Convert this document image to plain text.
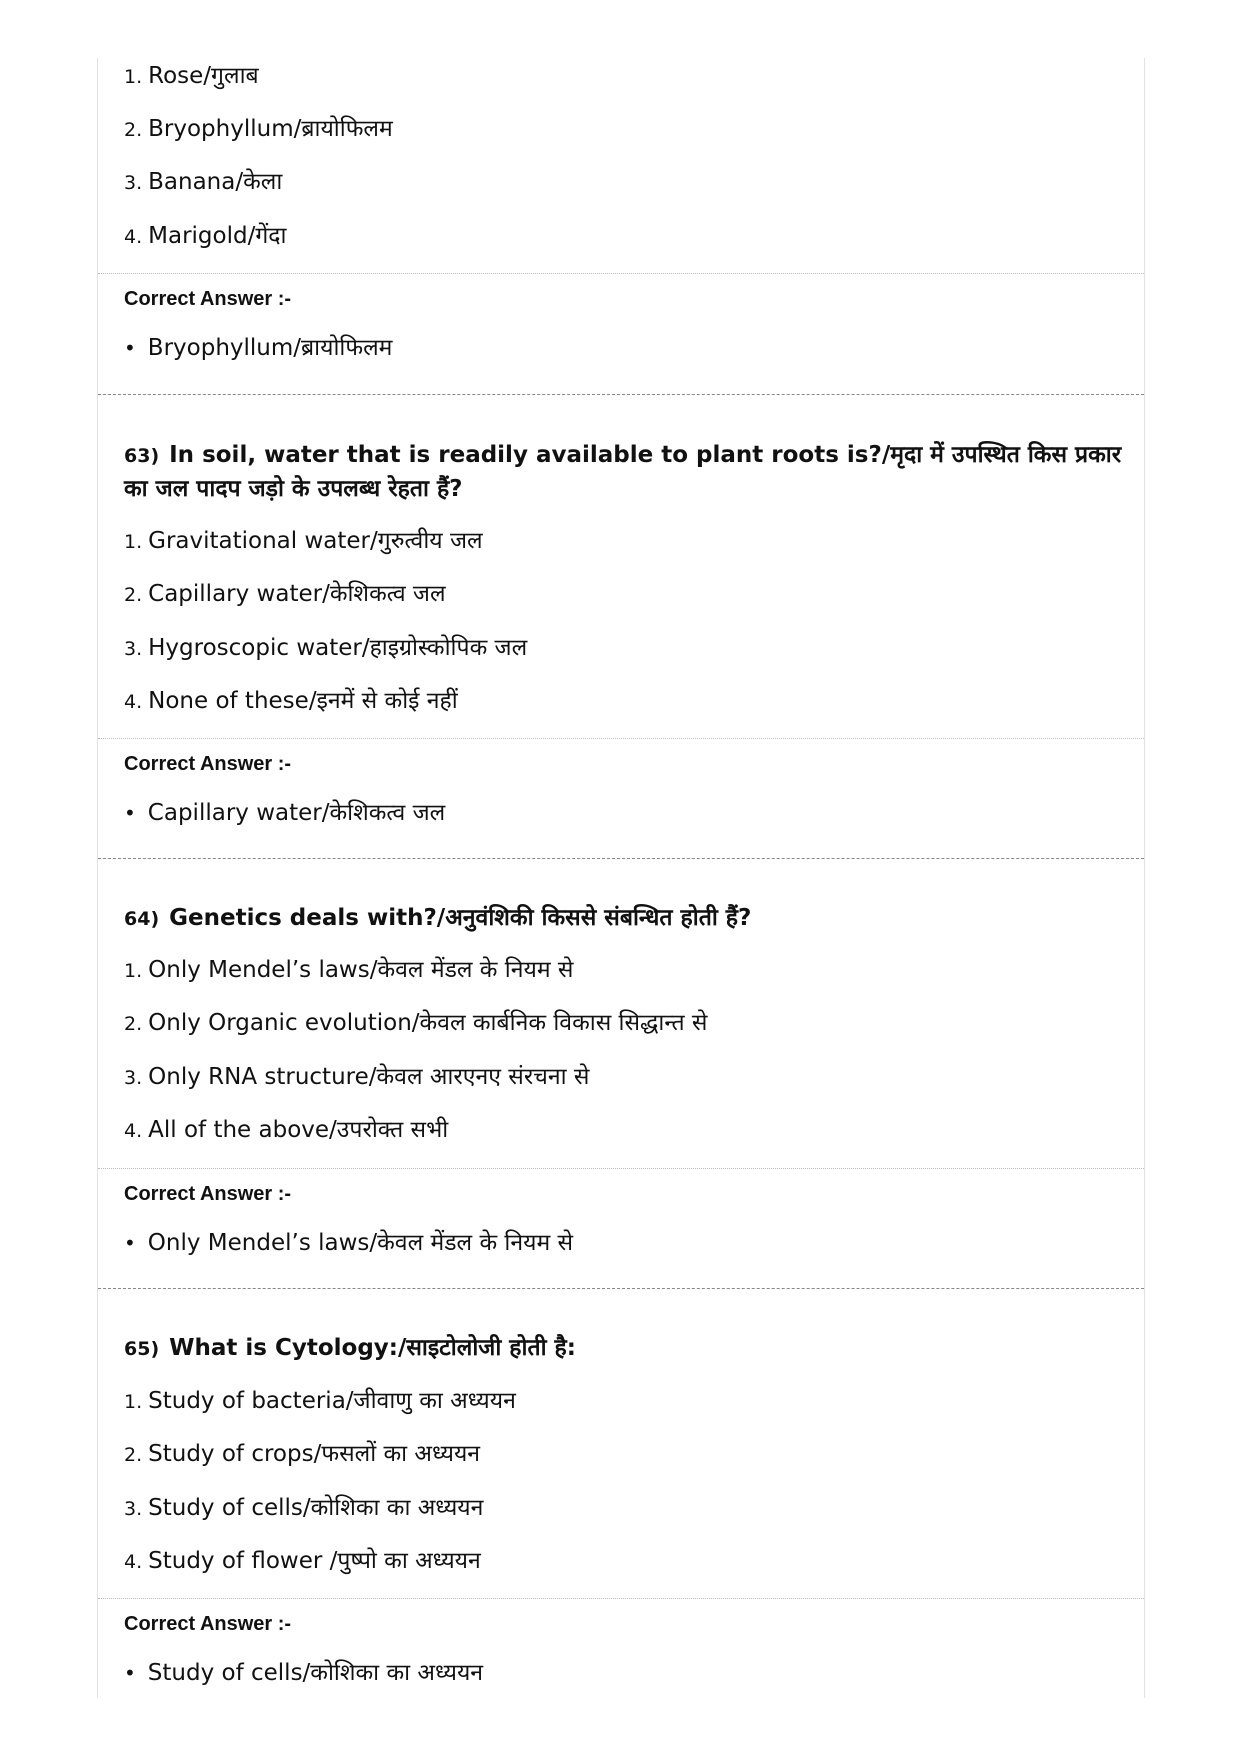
1. Rose/गुलाब
2. Bryophyllum/ब्रायोफिलम
3. Banana/केला
4. Marigold/गेंदा
Correct Answer :-
• Bryophyllum/ब्रायोफिलम
63) In soil, water that is readily available to plant roots is?/मृदा में उपस्थित किस प्रकार का जल पादप जड़ो के उपलब्ध रेहता हैं?
1. Gravitational water/गुरुत्वीय जल
2. Capillary water/केशिकत्व जल
3. Hygroscopic water/हाइग्रोस्कोपिक जल
4. None of these/इनमें से कोई नहीं
Correct Answer :-
• Capillary water/केशिकत्व जल
64) Genetics deals with?/अनुवंशिकी किससे संबन्धित होती हैं?
1. Only Mendel’s laws/केवल मेंडल के नियम से
2. Only Organic evolution/केवल कार्बनिक विकास सिद्धान्त से
3. Only RNA structure/केवल आरएनए संरचना से
4. All of the above/उपरोक्त सभी
Correct Answer :-
• Only Mendel’s laws/केवल मेंडल के नियम से
65) What is Cytology:/साइटोलोजी होती है:
1. Study of bacteria/जीवाणु का अध्ययन
2. Study of crops/फसलों का अध्ययन
3. Study of cells/कोशिका का अध्ययन
4. Study of flower /पुष्पो का अध्ययन
Correct Answer :-
• Study of cells/कोशिका का अध्ययन
